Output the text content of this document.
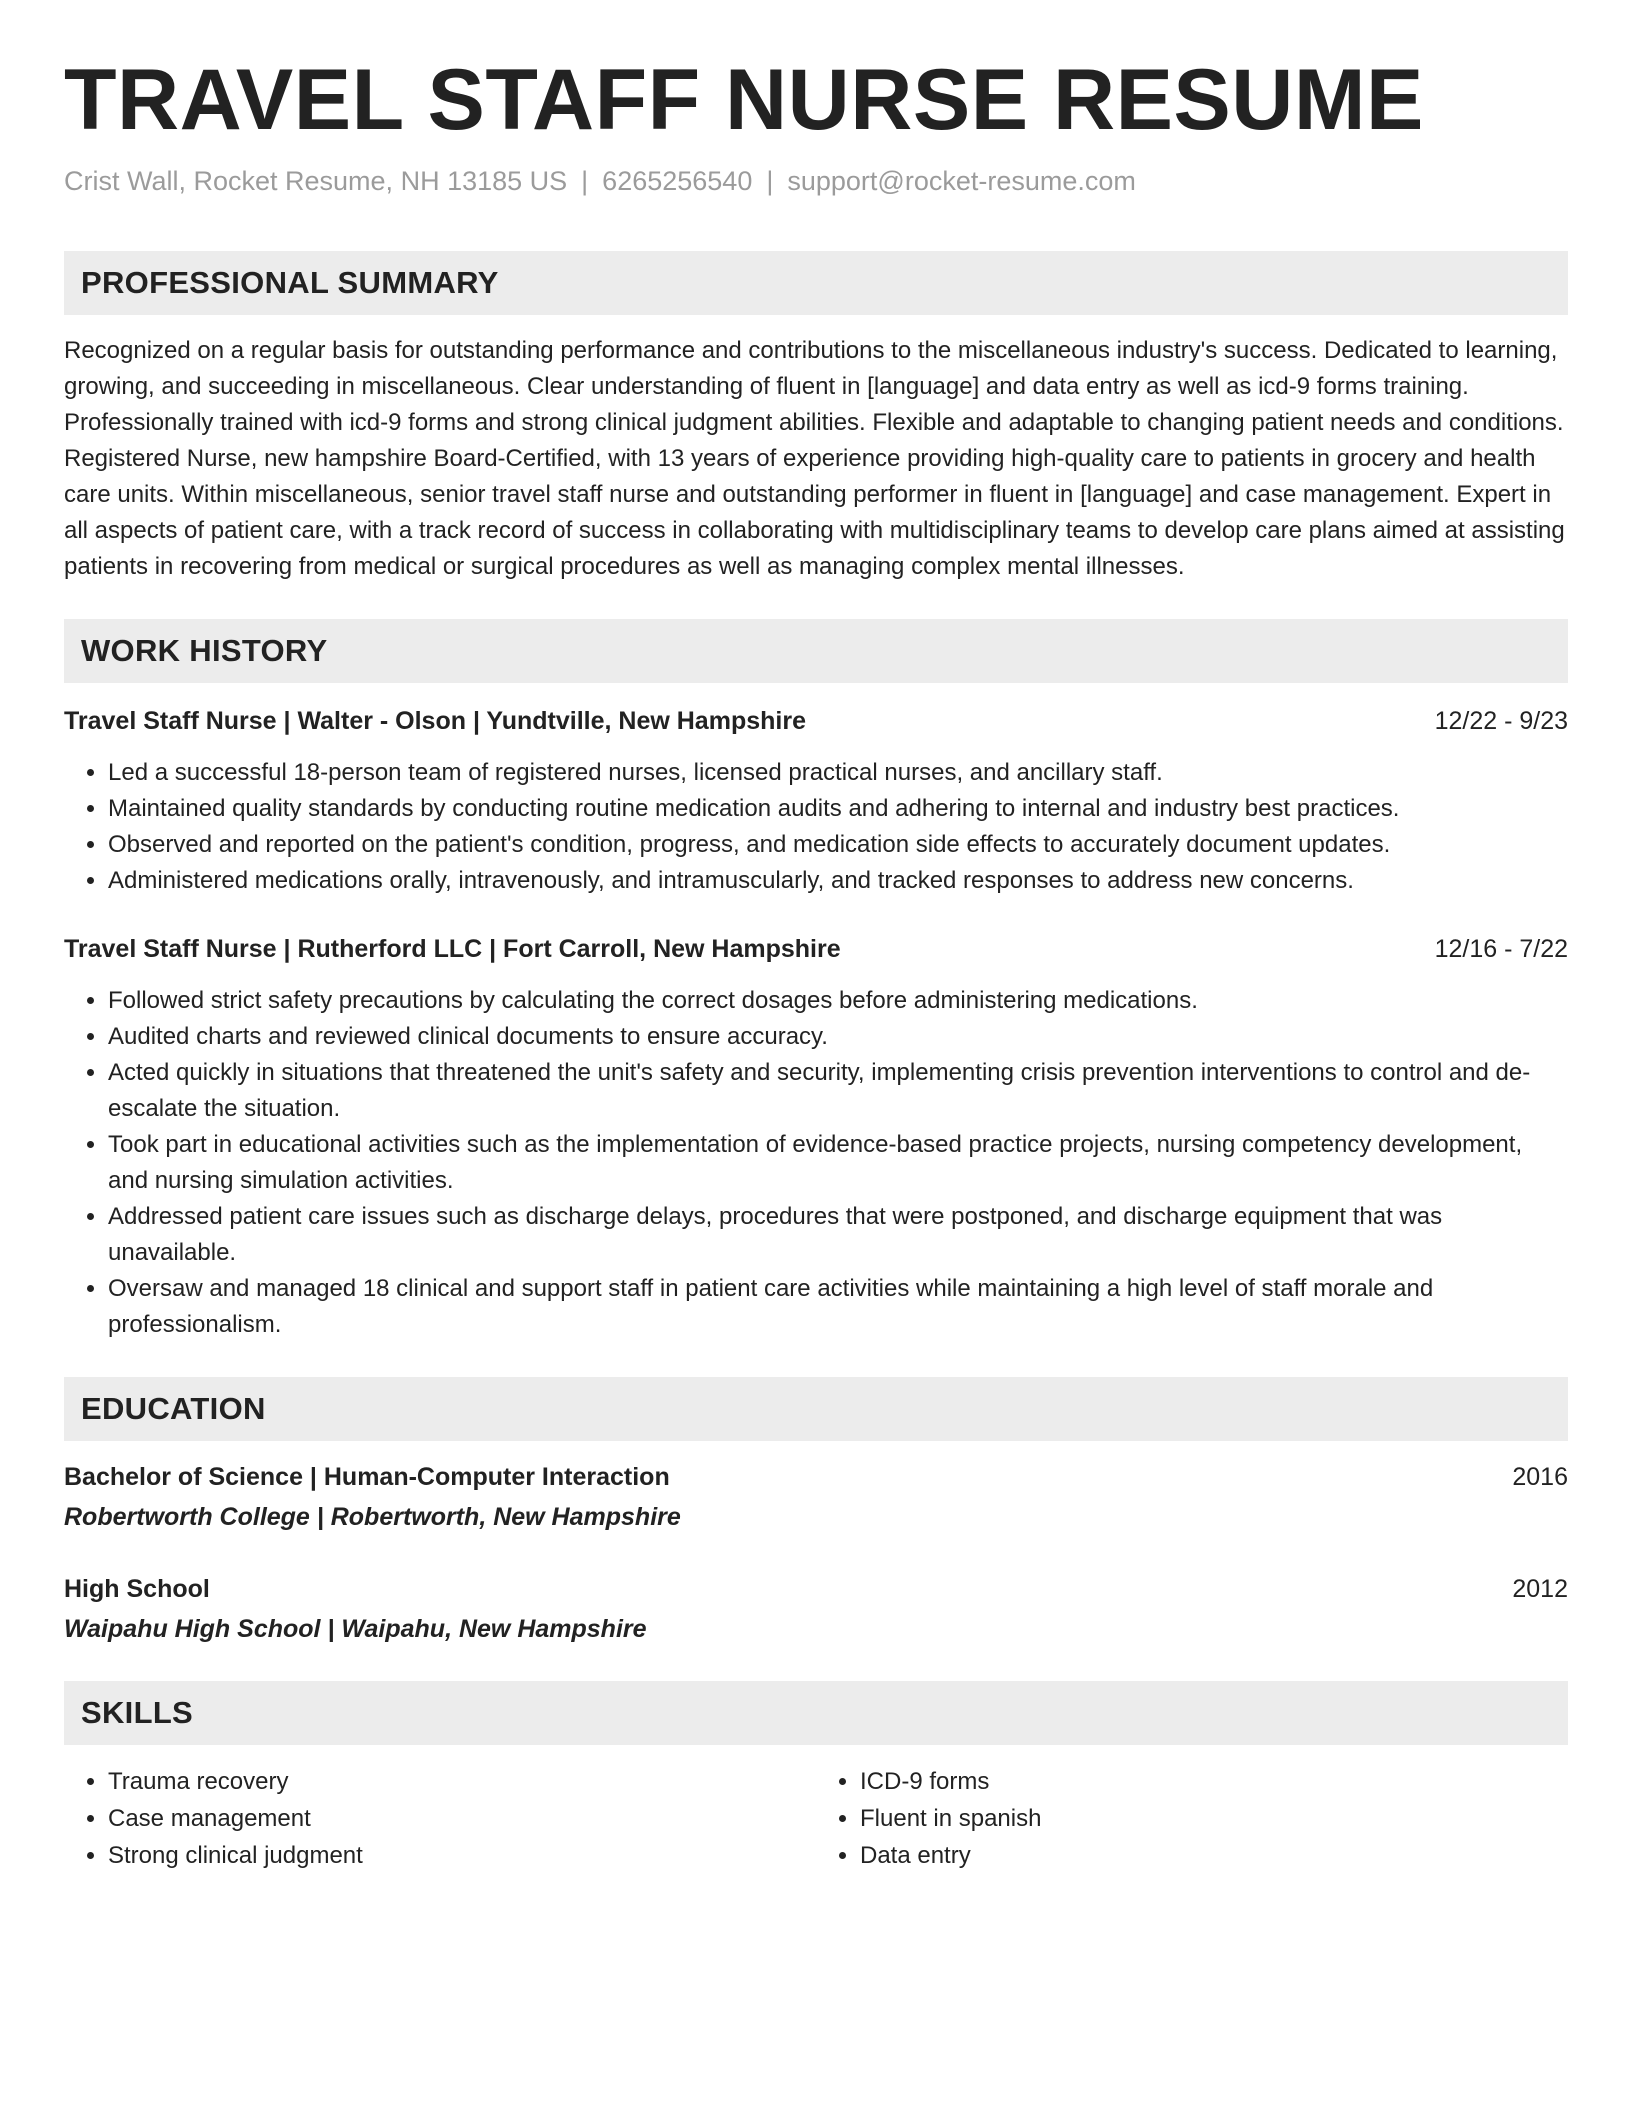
TRAVEL STAFF NURSE RESUME
Crist Wall, Rocket Resume, NH 13185 US | 6265256540 | support@rocket-resume.com
PROFESSIONAL SUMMARY
Recognized on a regular basis for outstanding performance and contributions to the miscellaneous industry's success. Dedicated to learning, growing, and succeeding in miscellaneous. Clear understanding of fluent in [language] and data entry as well as icd-9 forms training. Professionally trained with icd-9 forms and strong clinical judgment abilities. Flexible and adaptable to changing patient needs and conditions. Registered Nurse, new hampshire Board-Certified, with 13 years of experience providing high-quality care to patients in grocery and health care units. Within miscellaneous, senior travel staff nurse and outstanding performer in fluent in [language] and case management. Expert in all aspects of patient care, with a track record of success in collaborating with multidisciplinary teams to develop care plans aimed at assisting patients in recovering from medical or surgical procedures as well as managing complex mental illnesses.
WORK HISTORY
Travel Staff Nurse | Walter - Olson | Yundtville, New Hampshire	12/22 - 9/23
• Led a successful 18-person team of registered nurses, licensed practical nurses, and ancillary staff.
• Maintained quality standards by conducting routine medication audits and adhering to internal and industry best practices.
• Observed and reported on the patient's condition, progress, and medication side effects to accurately document updates.
• Administered medications orally, intravenously, and intramuscularly, and tracked responses to address new concerns.
Travel Staff Nurse | Rutherford LLC | Fort Carroll, New Hampshire	12/16 - 7/22
• Followed strict safety precautions by calculating the correct dosages before administering medications.
• Audited charts and reviewed clinical documents to ensure accuracy.
• Acted quickly in situations that threatened the unit's safety and security, implementing crisis prevention interventions to control and de-escalate the situation.
• Took part in educational activities such as the implementation of evidence-based practice projects, nursing competency development, and nursing simulation activities.
• Addressed patient care issues such as discharge delays, procedures that were postponed, and discharge equipment that was unavailable.
• Oversaw and managed 18 clinical and support staff in patient care activities while maintaining a high level of staff morale and professionalism.
EDUCATION
Bachelor of Science | Human-Computer Interaction	2016
Robertworth College | Robertworth, New Hampshire
High School	2012
Waipahu High School | Waipahu, New Hampshire
SKILLS
• Trauma recovery
• Case management
• Strong clinical judgment
• ICD-9 forms
• Fluent in spanish
• Data entry
